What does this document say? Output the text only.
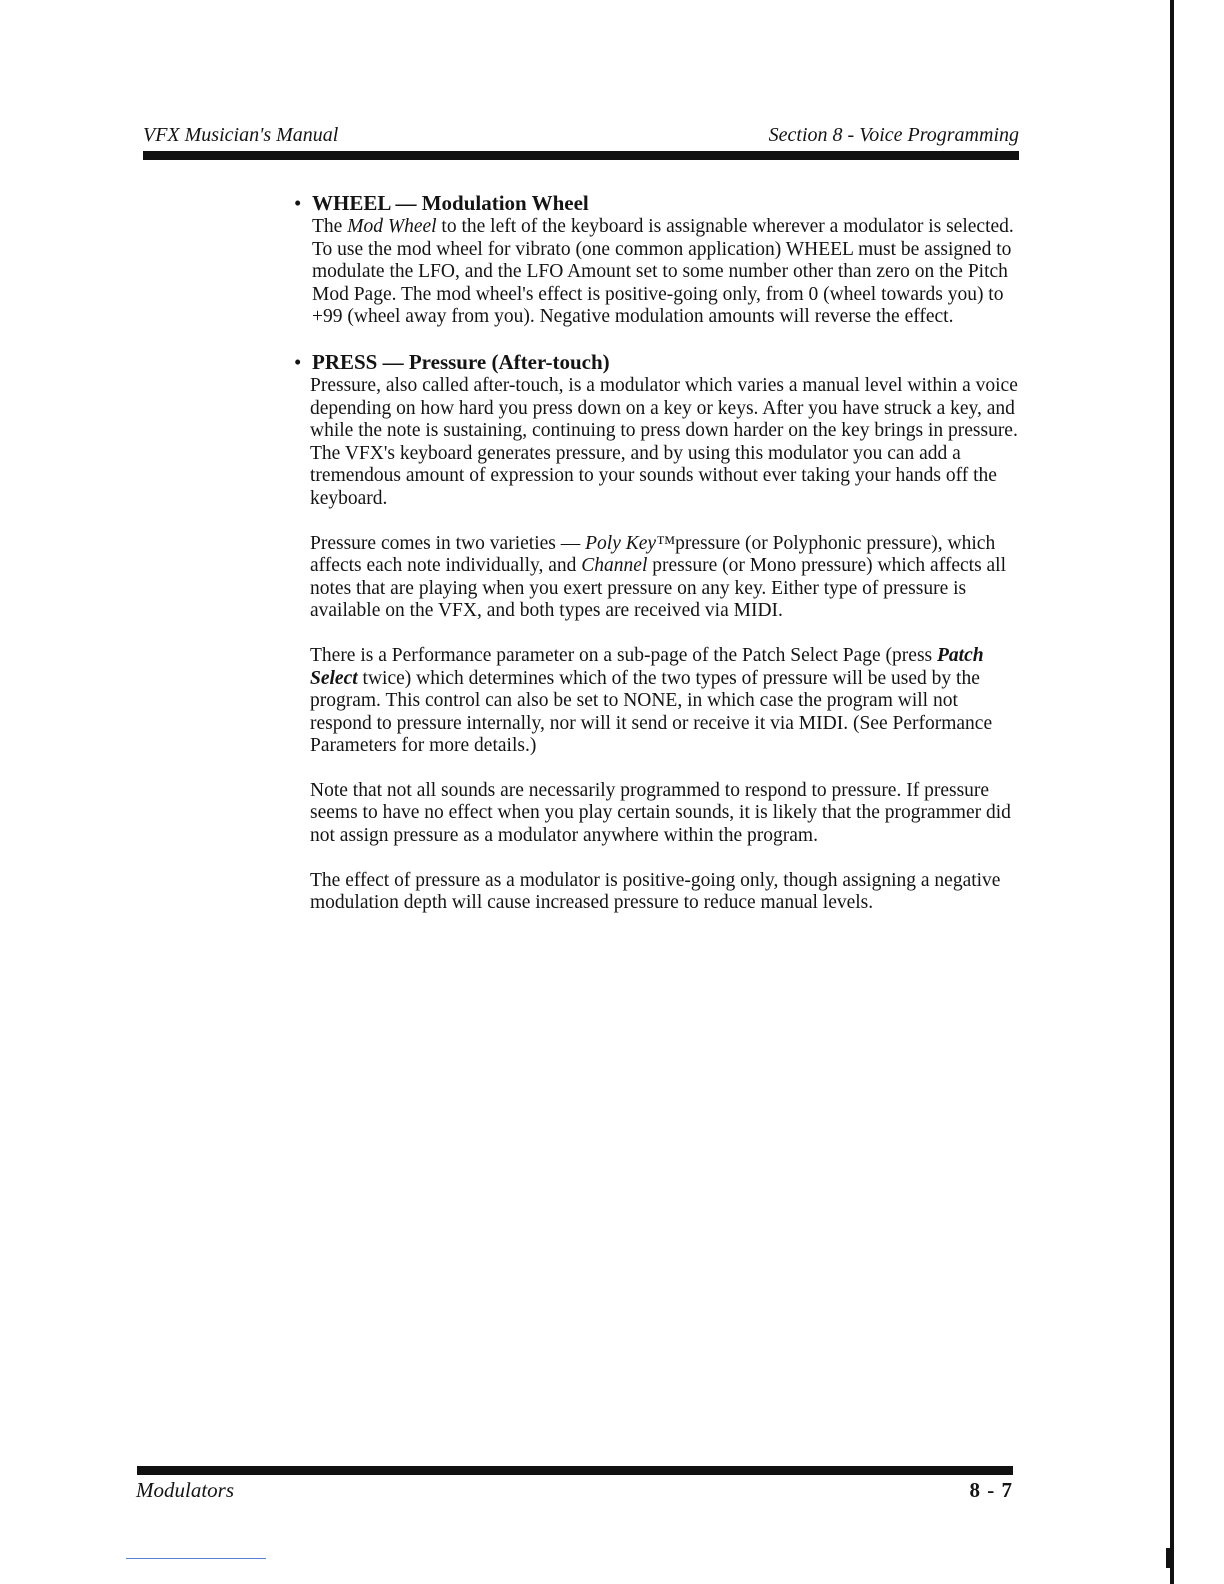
VFX Musician's Manual	Section 8 - Voice Programming

• WHEEL — Modulation Wheel

The Mod Wheel to the left of the keyboard is assignable wherever a modulator is selected. To use the mod wheel for vibrato (one common application) WHEEL must be assigned to modulate the LFO, and the LFO Amount set to some number other than zero on the Pitch Mod Page. The mod wheel's effect is positive-going only, from 0 (wheel towards you) to +99 (wheel away from you). Negative modulation amounts will reverse the effect.

• PRESS — Pressure (After-touch)

Pressure, also called after-touch, is a modulator which varies a manual level within a voice depending on how hard you press down on a key or keys. After you have struck a key, and while the note is sustaining, continuing to press down harder on the key brings in pressure. The VFX's keyboard generates pressure, and by using this modulator you can add a tremendous amount of expression to your sounds without ever taking your hands off the keyboard.

Pressure comes in two varieties — Poly Key™pressure (or Polyphonic pressure), which affects each note individually, and Channel pressure (or Mono pressure) which affects all notes that are playing when you exert pressure on any key. Either type of pressure is available on the VFX, and both types are received via MIDI.

There is a Performance parameter on a sub-page of the Patch Select Page (press Patch Select twice) which determines which of the two types of pressure will be used by the program. This control can also be set to NONE, in which case the program will not respond to pressure internally, nor will it send or receive it via MIDI. (See Performance Parameters for more details.)

Note that not all sounds are necessarily programmed to respond to pressure. If pressure seems to have no effect when you play certain sounds, it is likely that the programmer did not assign pressure as a modulator anywhere within the program.

The effect of pressure as a modulator is positive-going only, though assigning a negative modulation depth will cause increased pressure to reduce manual levels.

Modulators	8 - 7
